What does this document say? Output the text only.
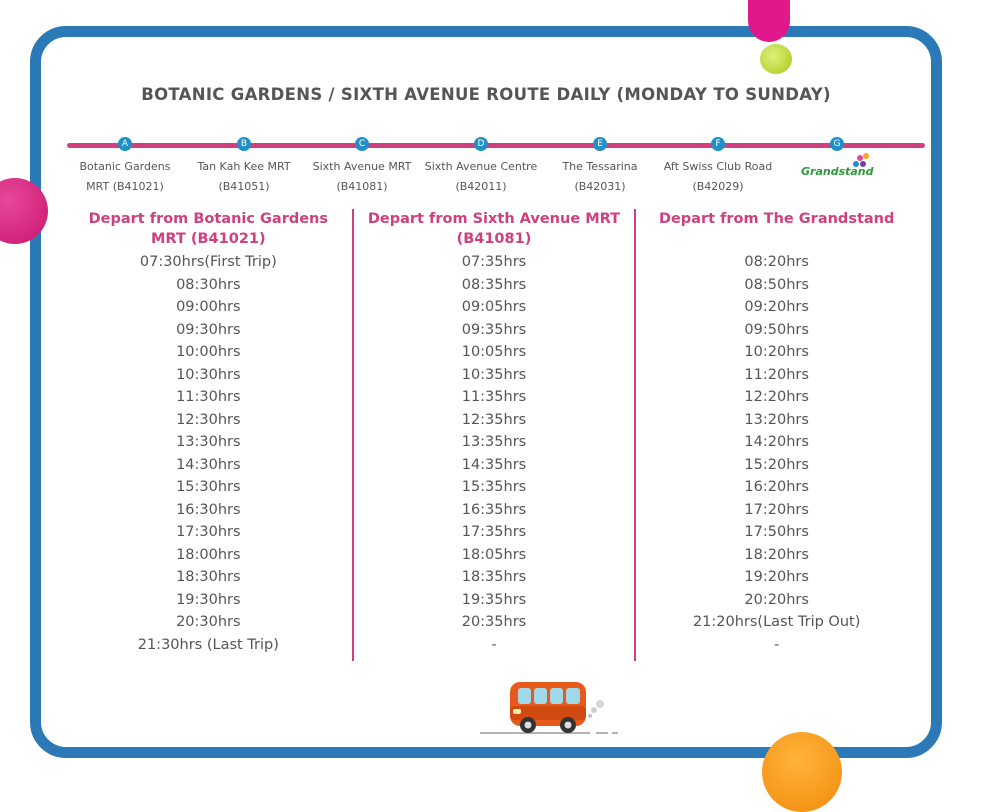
BOTANIC GARDENS / SIXTH AVENUE ROUTE DAILY (MONDAY TO SUNDAY)
A
Botanic Gardens
MRT (B41021)
B
Tan Kah Kee MRT
(B41051)
C
Sixth Avenue MRT
(B41081)
D
Sixth Avenue Centre
(B42011)
E
The Tessarina
(B42031)
F
Aft Swiss Club Road
(B42029)
G
Grandstand
Depart from Botanic Gardens MRT (B41021)
07:30hrs(First Trip)
08:30hrs
09:00hrs
09:30hrs
10:00hrs
10:30hrs
11:30hrs
12:30hrs
13:30hrs
14:30hrs
15:30hrs
16:30hrs
17:30hrs
18:00hrs
18:30hrs
19:30hrs
20:30hrs
21:30hrs (Last Trip)
Depart from Sixth Avenue MRT (B41081)
07:35hrs
08:35hrs
09:05hrs
09:35hrs
10:05hrs
10:35hrs
11:35hrs
12:35hrs
13:35hrs
14:35hrs
15:35hrs
16:35hrs
17:35hrs
18:05hrs
18:35hrs
19:35hrs
20:35hrs
-
Depart from The Grandstand
08:20hrs
08:50hrs
09:20hrs
09:50hrs
10:20hrs
11:20hrs
12:20hrs
13:20hrs
14:20hrs
15:20hrs
16:20hrs
17:20hrs
17:50hrs
18:20hrs
19:20hrs
20:20hrs
21:20hrs(Last Trip Out)
-
